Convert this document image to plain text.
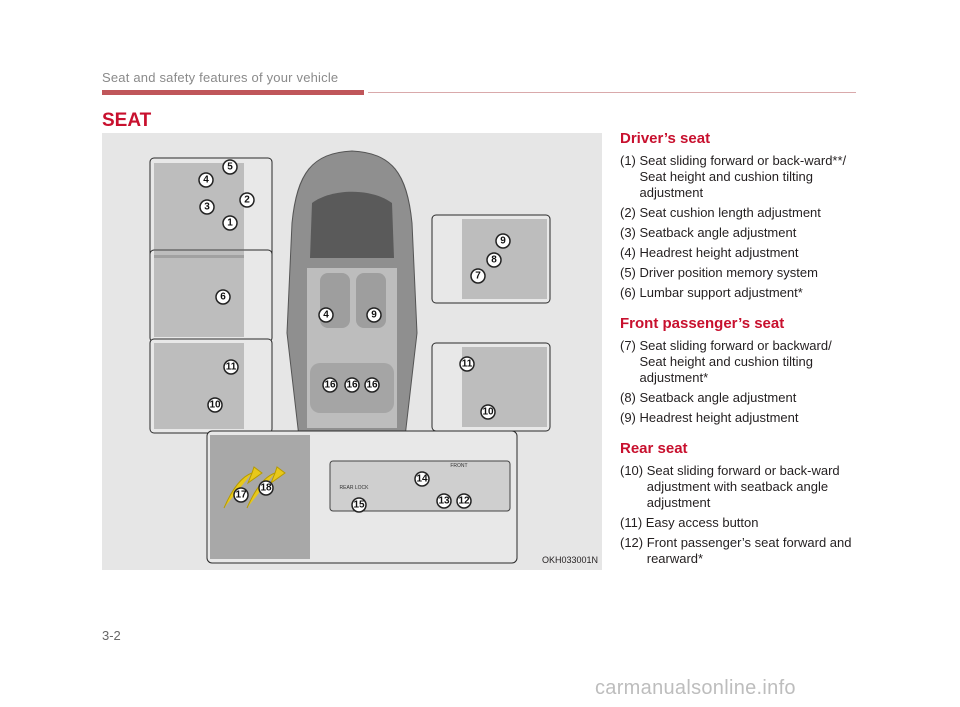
Seat and safety features of your vehicle
SEAT
REAR LOCK
FRONT
1
2
3
4
5
6
7
8
9
10
11
12
13
14
15
16
17
18
4	9
16 16
10
11
OKH033001N
Driver’s seat
(1) Seat sliding forward or back-ward**/ Seat height and cushion tilting adjustment
(2) Seat cushion length adjustment
(3) Seatback angle adjustment
(4) Headrest height adjustment
(5) Driver position memory system
(6) Lumbar support adjustment*
Front passenger’s seat
(7) Seat sliding forward or backward/ Seat height and cushion tilting adjustment*
(8) Seatback angle adjustment
(9) Headrest height adjustment
Rear seat
(10) Seat sliding forward or back-ward adjustment with seatback angle adjustment
(11) Easy access button
(12) Front passenger’s seat forward and rearward*
3-2
carmanualsonline.info
